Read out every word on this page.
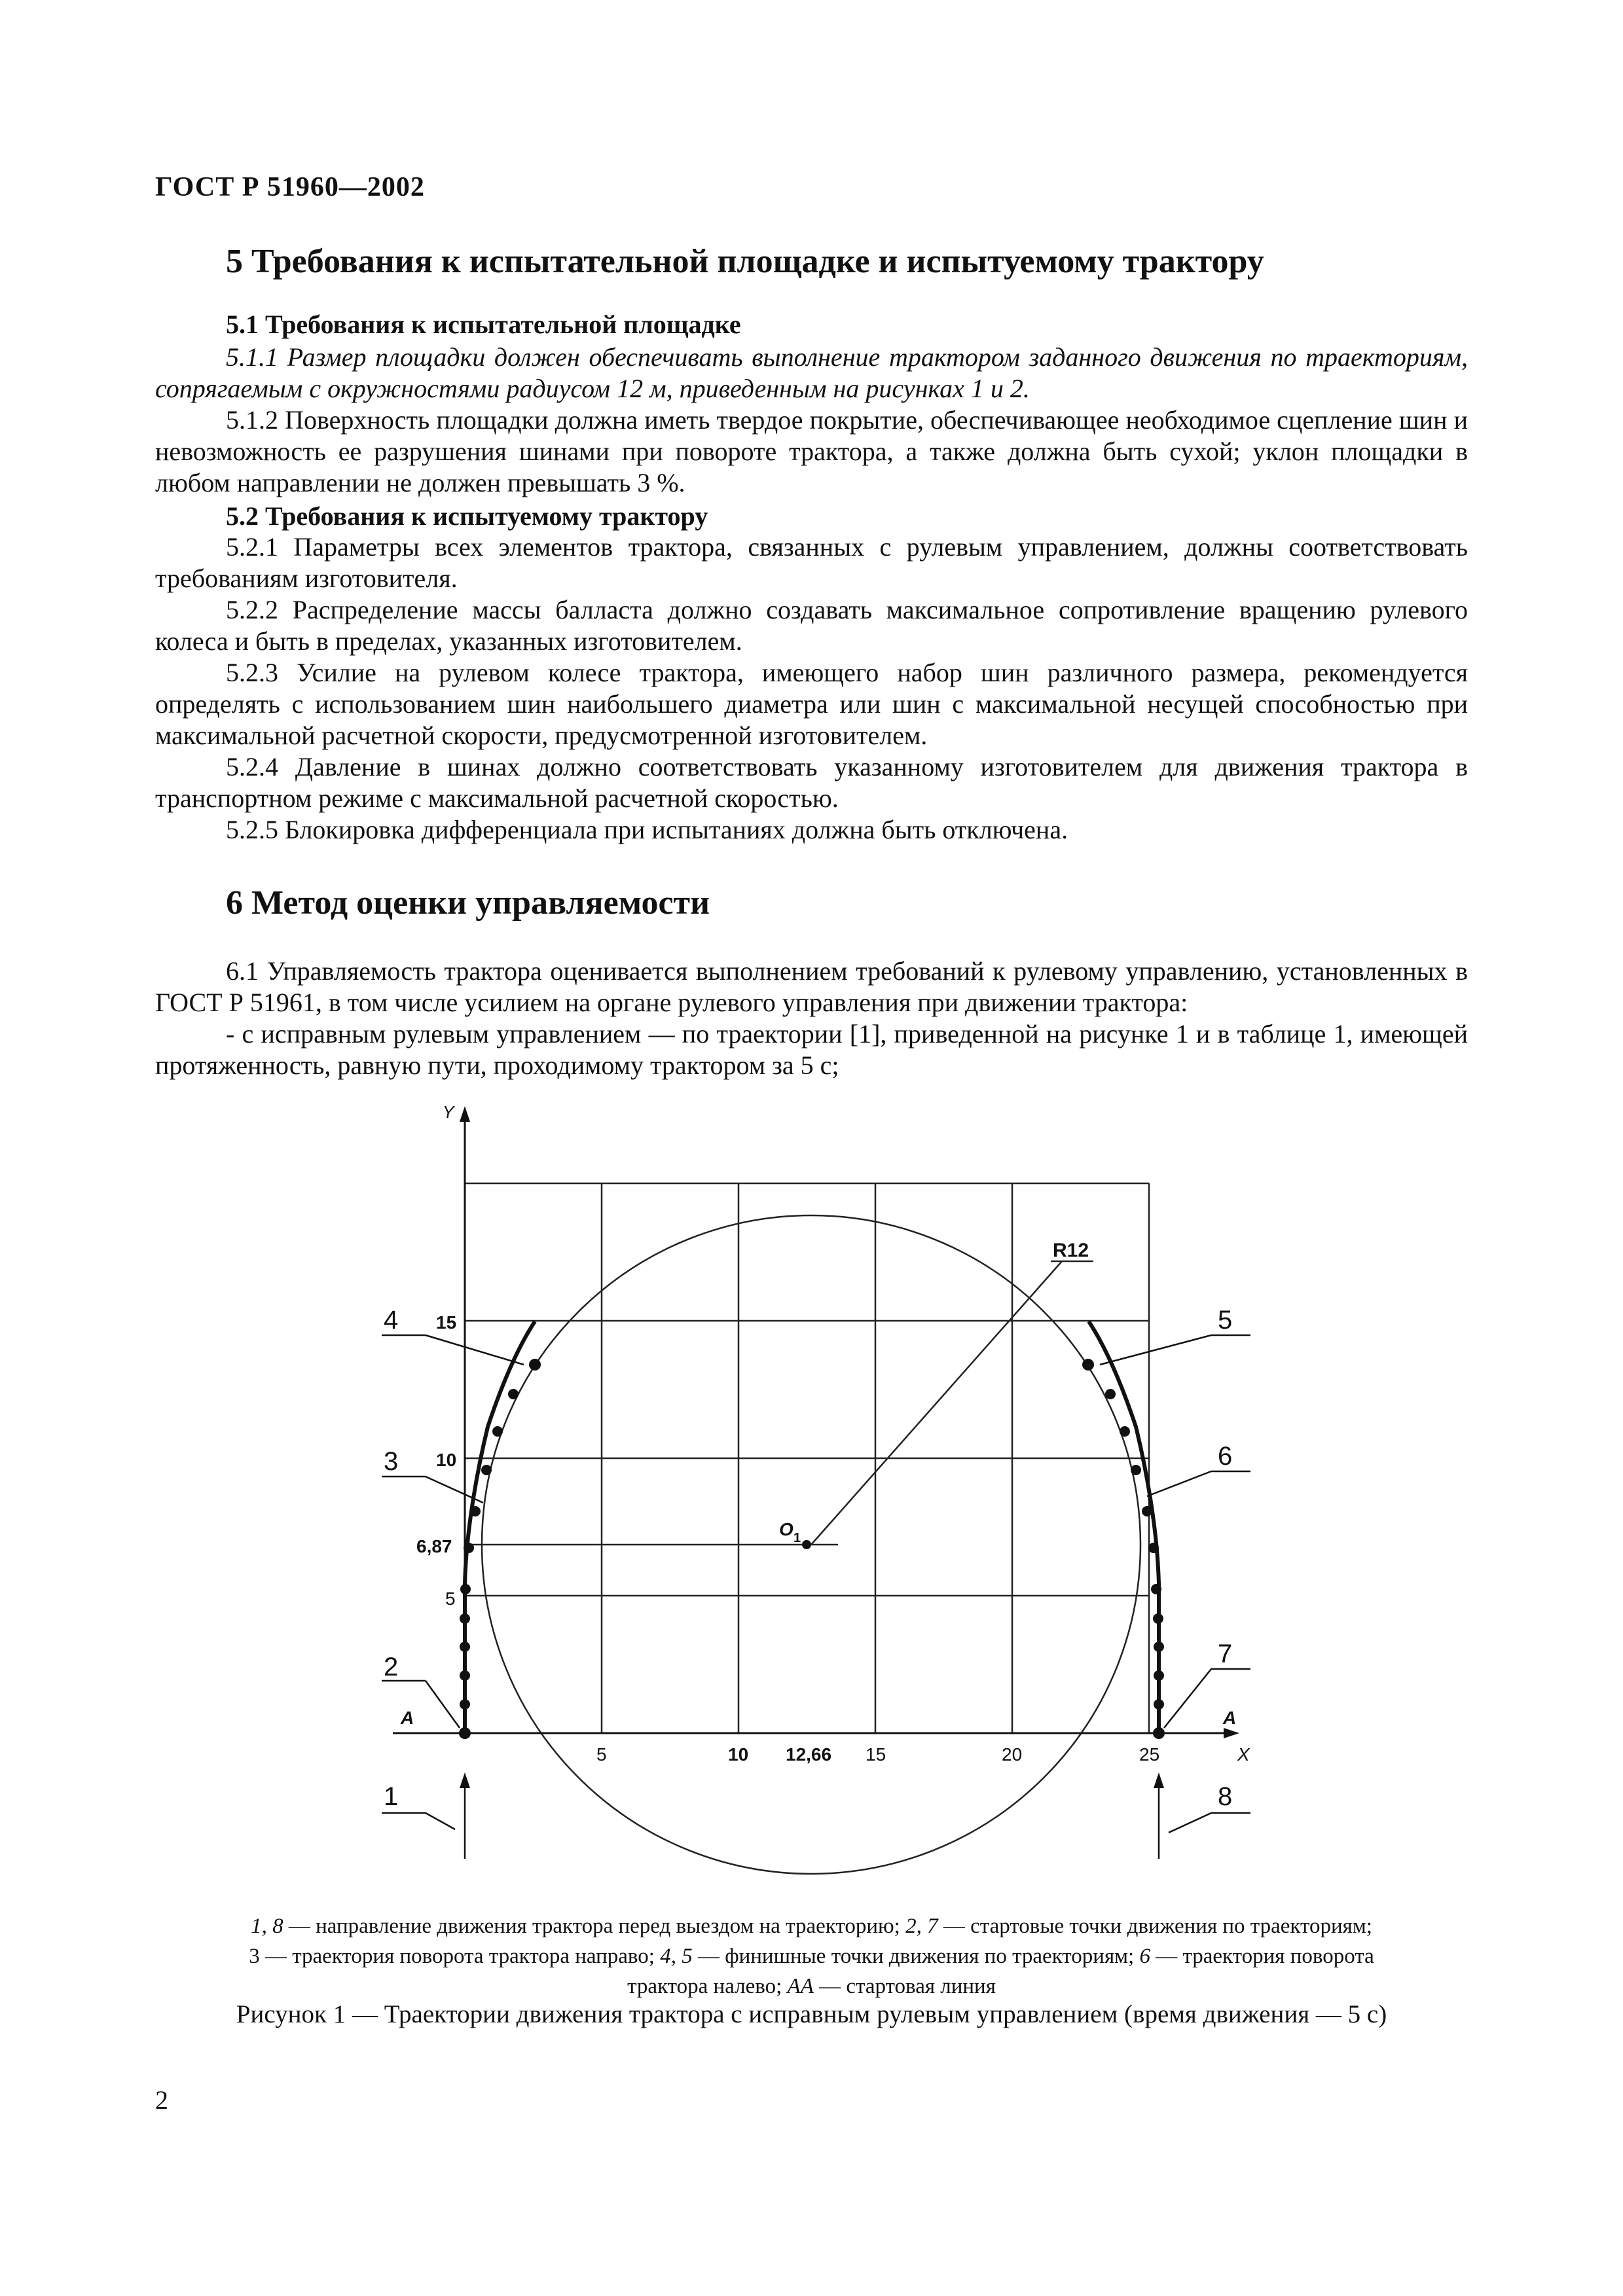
ГОСТ Р 51960—2002
5 Требования к испытательной площадке и испытуемому трактору
5.1 Требования к испытательной площадке

5.1.1 Размер площадки должен обеспечивать выполнение трактором заданного движения по траекториям, сопрягаемым с окружностями радиусом 12 м, приведенным на рисунках 1 и 2.

5.1.2 Поверхность площадки должна иметь твердое покрытие, обеспечивающее необходимое сцепление шин и невозможность ее разрушения шинами при повороте трактора, а также должна быть сухой; уклон площадки в любом направлении не должен превышать 3 %.

5.2 Требования к испытуемому трактору

5.2.1 Параметры всех элементов трактора, связанных с рулевым управлением, должны соответствовать требованиям изготовителя.

5.2.2 Распределение массы балласта должно создавать максимальное сопротивление вращению рулевого колеса и быть в пределах, указанных изготовителем.

5.2.3 Усилие на рулевом колесе трактора, имеющего набор шин различного размера, рекомендуется определять с использованием шин наибольшего диаметра или шин с максимальной несущей способностью при максимальной расчетной скорости, предусмотренной изготовителем.

5.2.4 Давление в шинах должно соответствовать указанному изготовителем для движения трактора в транспортном режиме с максимальной расчетной скоростью.

5.2.5 Блокировка дифференциала при испытаниях должна быть отключена.

6 Метод оценки управляемости

6.1 Управляемость трактора оценивается выполнением требований к рулевому управлению, установленных в ГОСТ Р 51961, в том числе усилием на органе рулевого управления при движении трактора:

- с исправным рулевым управлением — по траектории [1], приведенной на рисунке 1 и в таблице 1, имеющей протяженность, равную пути, проходимому трактором за 5 с;

Y
X
5	10 12,66 15	20	25
5
6,87
10
15
R12
O 1
A	A
4
3
2
1
5
6
7
8
1, 8 — направление движения трактора перед выездом на траекторию; 2, 7 — стартовые точки движения по траекториям;
3 — траектория поворота трактора направо; 4, 5 — финишные точки движения по траекториям; 6 — траектория поворота
трактора налево; АА — стартовая линия
Рисунок 1 — Траектории движения трактора с исправным рулевым управлением (время движения — 5 с)
2
